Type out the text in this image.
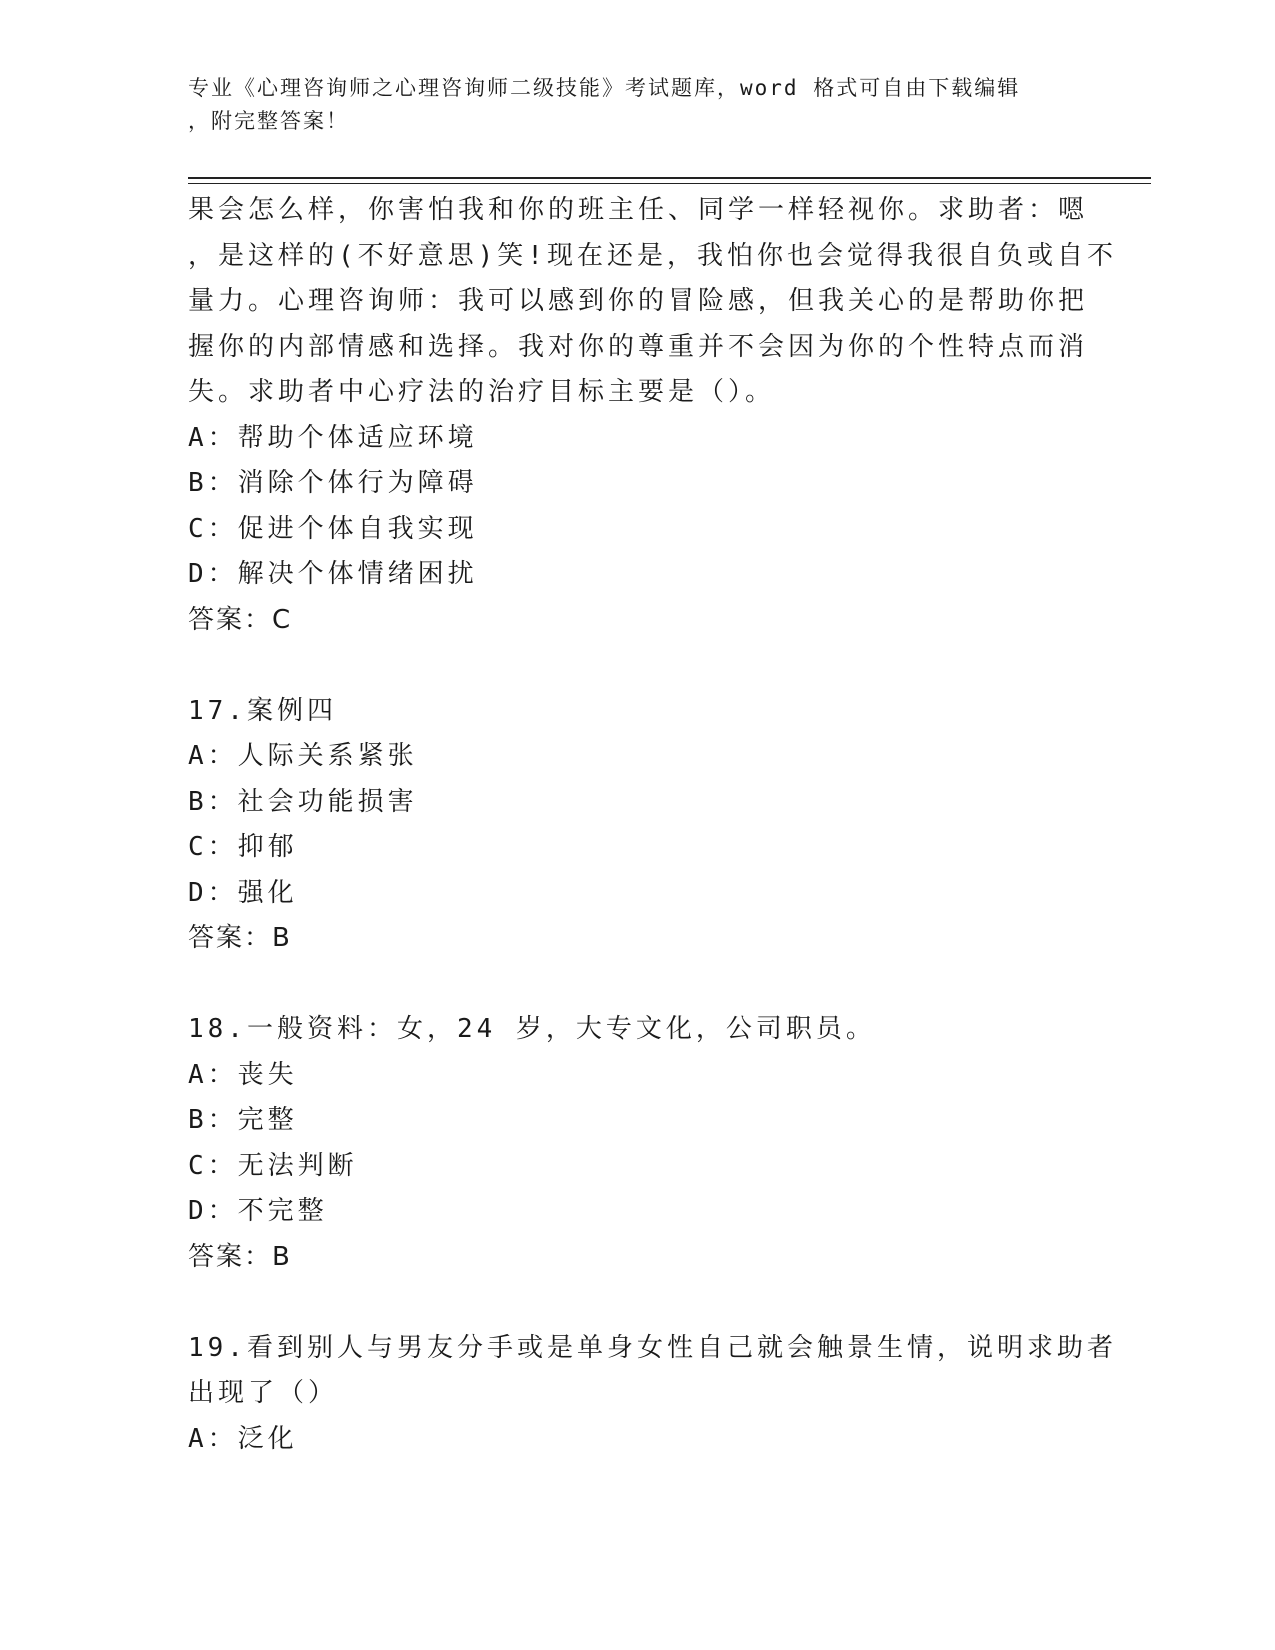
专业《心理咨询师之心理咨询师二级技能》考试题库，word 格式可自由下载编辑
，附完整答案！
果会怎么样，你害怕我和你的班主任、同学一样轻视你。求助者：嗯
，是这样的(不好意思)笑!现在还是，我怕你也会觉得我很自负或自不
量力。心理咨询师：我可以感到你的冒险感，但我关心的是帮助你把
握你的内部情感和选择。我对你的尊重并不会因为你的个性特点而消
失。求助者中心疗法的治疗目标主要是（）。
A：帮助个体适应环境
B：消除个体行为障碍
C：促进个体自我实现
D：解决个体情绪困扰
答案：C
17.案例四
A：人际关系紧张
B：社会功能损害
C：抑郁
D：强化
答案：B
18.一般资料：女，24 岁，大专文化，公司职员。
A：丧失
B：完整
C：无法判断
D：不完整
答案：B
19.看到别人与男友分手或是单身女性自己就会触景生情，说明求助者
出现了（）
A：泛化
